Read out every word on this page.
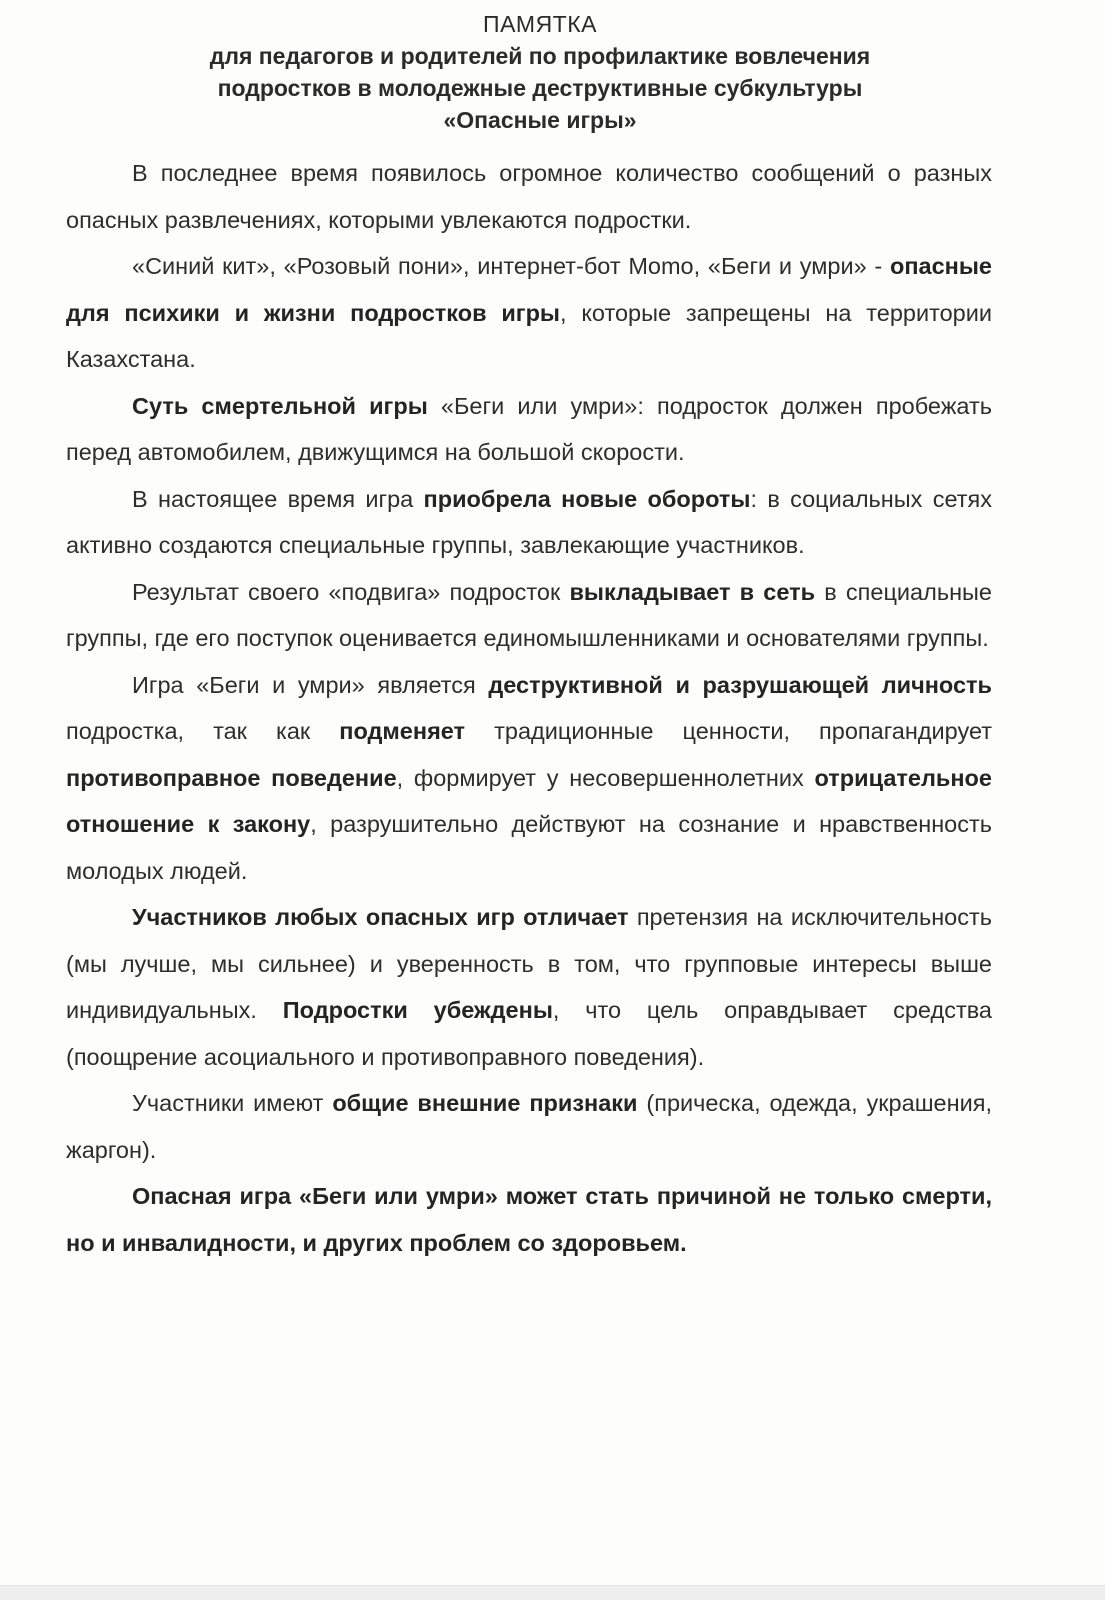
ПАМЯТКА
для педагогов и родителей по профилактике вовлечения
подростков в молодежные деструктивные субкультуры
«Опасные игры»

В последнее время появилось огромное количество сообщений о разных опасных развлечениях, которыми увлекаются подростки.

«Синий кит», «Розовый пони», интернет-бот Momo, «Беги и умри» - опасные для психики и жизни подростков игры, которые запрещены на территории Казахстана.

Суть смертельной игры «Беги или умри»: подросток должен пробежать перед автомобилем, движущимся на большой скорости.

В настоящее время игра приобрела новые обороты: в социальных сетях активно создаются специальные группы, завлекающие участников.

Результат своего «подвига» подросток выкладывает в сеть в специальные группы, где его поступок оценивается единомышленниками и основателями группы.

Игра «Беги и умри» является деструктивной и разрушающей личность подростка, так как подменяет традиционные ценности, пропагандирует противоправное поведение, формирует у несовершеннолетних отрицательное отношение к закону, разрушительно действуют на сознание и нравственность молодых людей.

Участников любых опасных игр отличает претензия на исключительность (мы лучше, мы сильнее) и уверенность в том, что групповые интересы выше индивидуальных. Подростки убеждены, что цель оправдывает средства (поощрение асоциального и противоправного поведения).

Участники имеют общие внешние признаки (прическа, одежда, украшения, жаргон).

Опасная игра «Беги или умри» может стать причиной не только смерти, но и инвалидности, и других проблем со здоровьем.
